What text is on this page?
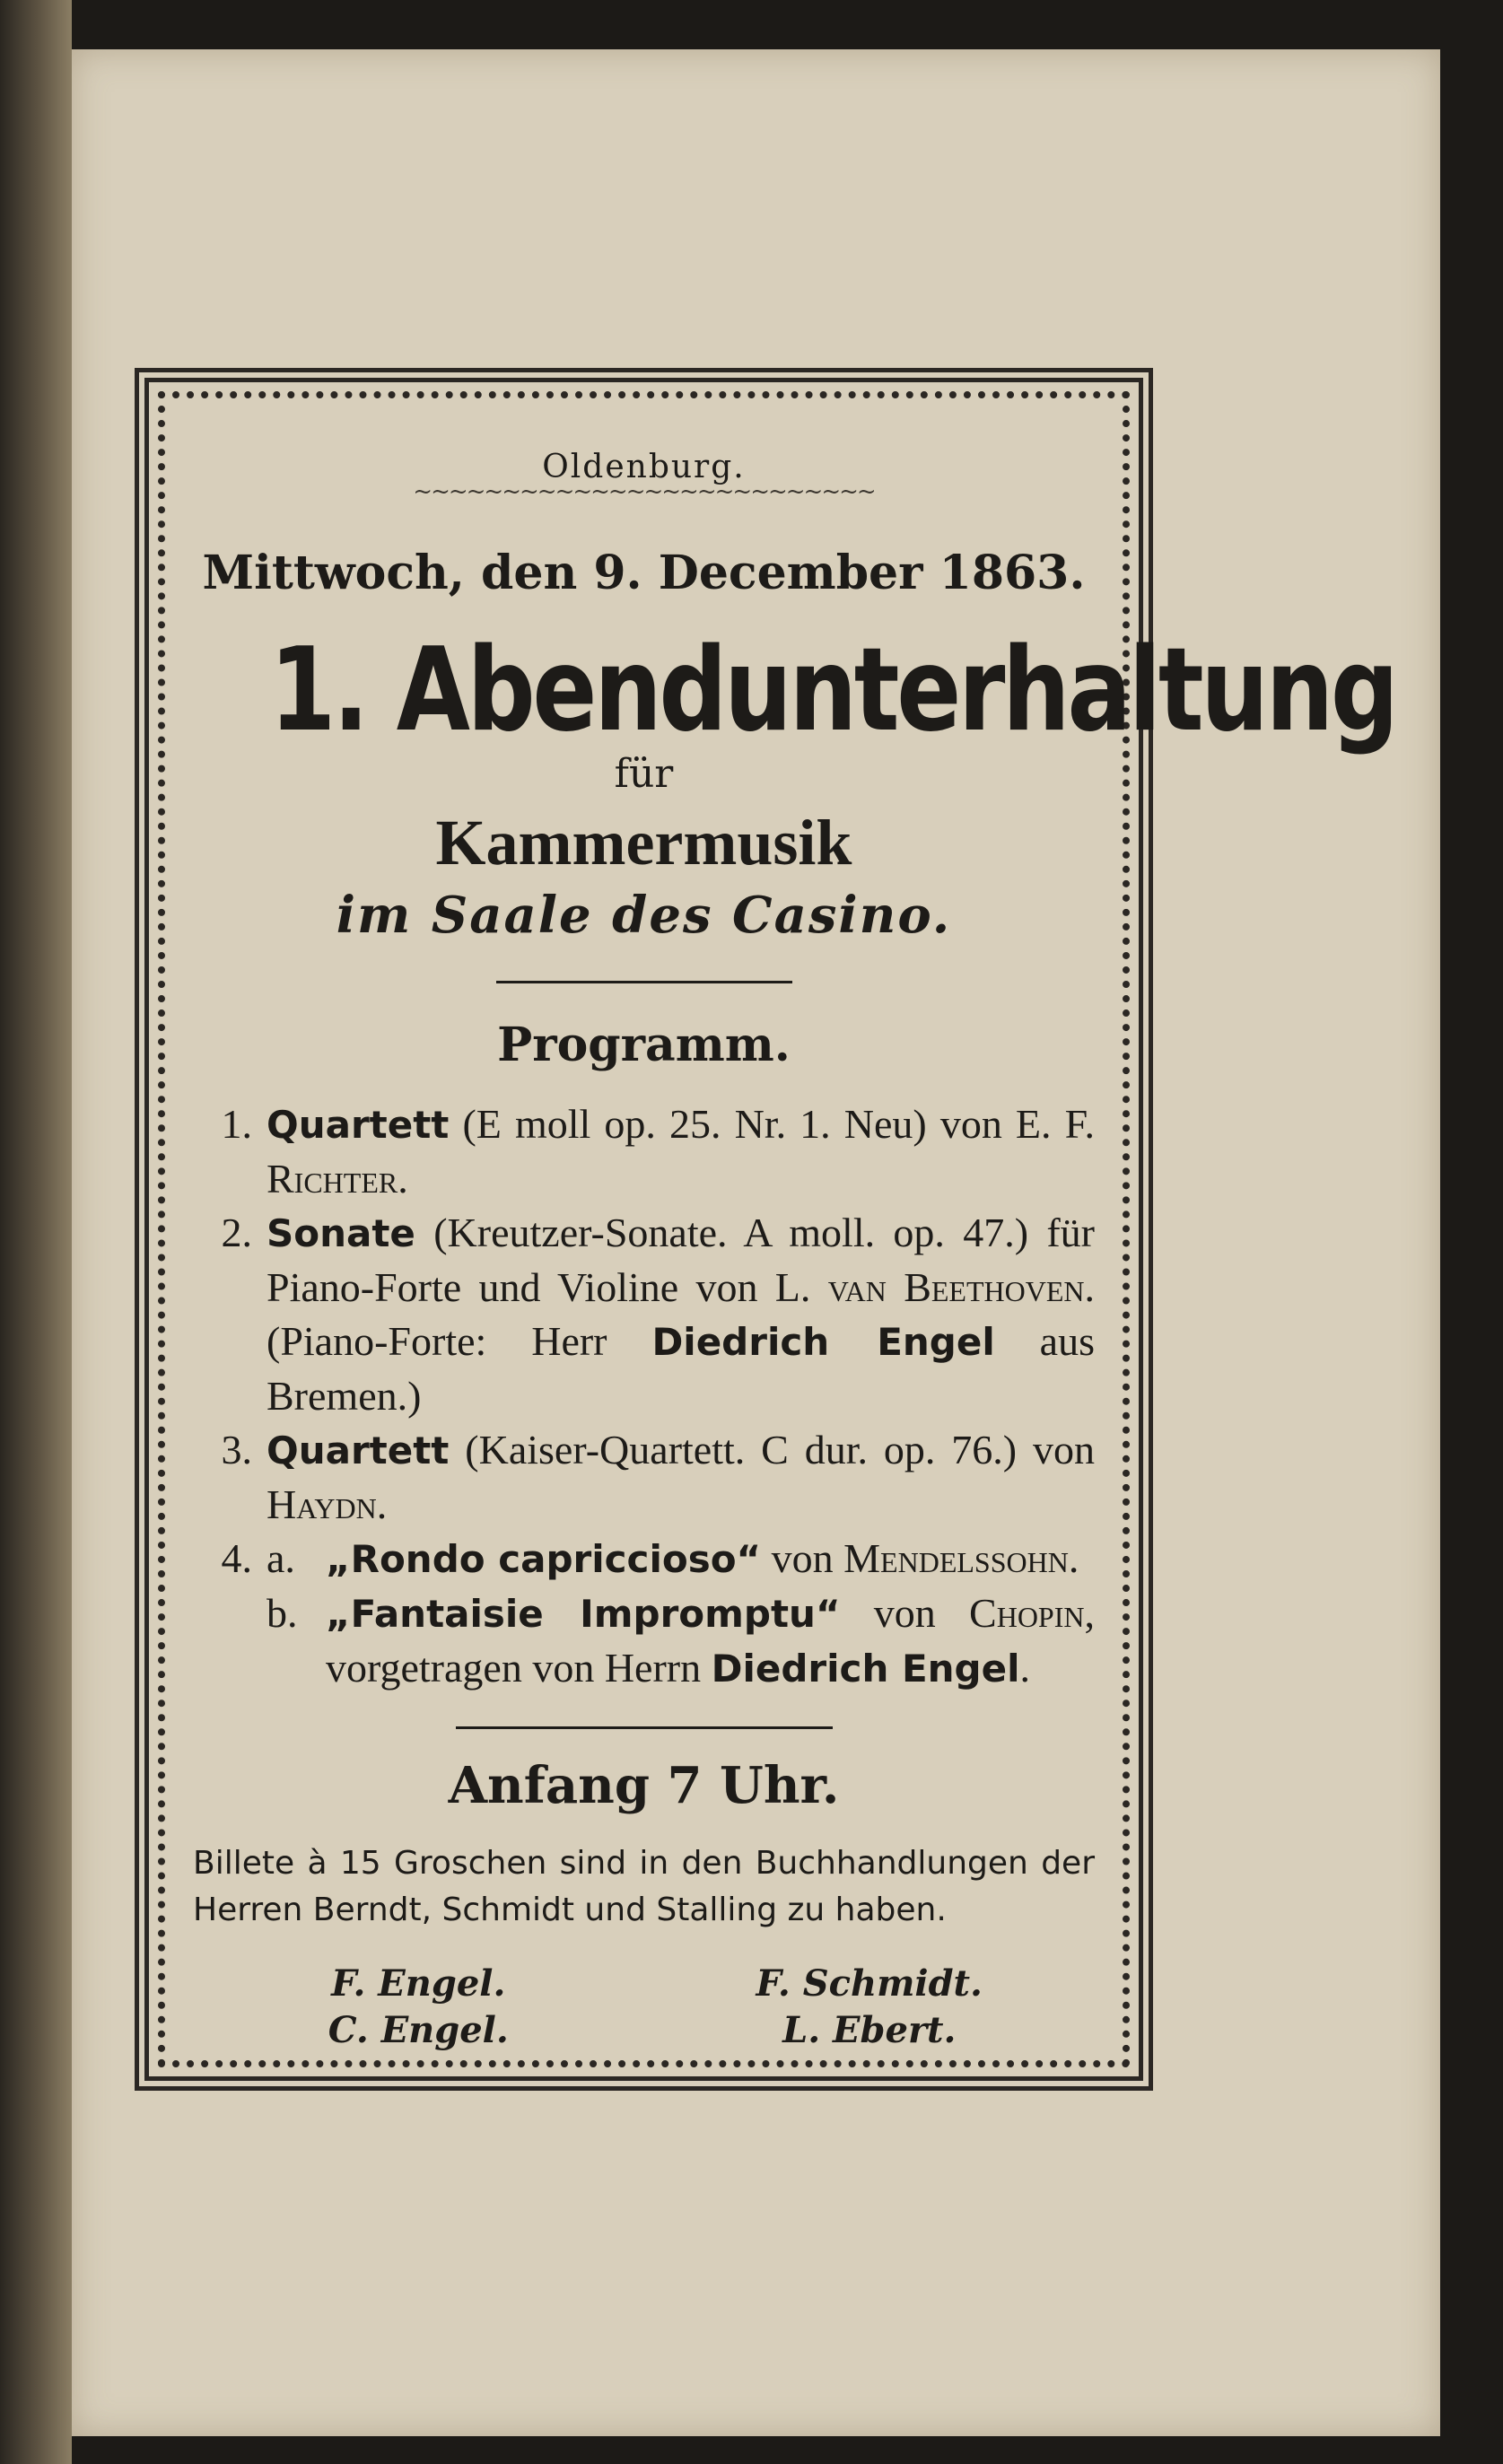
Oldenburg.
~~~~~~~~~~~~~~~~~~~~~~~~~~
Mittwoch, den 9. December 1863.
1. Abendunterhaltung
für
Kammermusik
im Saale des Casino.
Programm.
1. Quartett (E moll op. 25. Nr. 1. Neu) von E. F. Richter.
2. Sonate (Kreutzer-Sonate. A moll. op. 47.) für Piano-Forte und Violine von L. van Beethoven. (Piano-Forte: Herr Diedrich Engel aus Bremen.)
3. Quartett (Kaiser-Quartett. C dur. op. 76.) von Haydn.
4. a. „Rondo capriccioso“ von Mendelssohn.
b. „Fantaisie Impromptu“ von Chopin, vorgetragen von Herrn Diedrich Engel.
Anfang 7 Uhr.
Billete à 15 Groschen sind in den Buchhandlungen der Herren Berndt, Schmidt und Stalling zu haben.
F. Engel.	F. Schmidt.
C. Engel.	L. Ebert.
